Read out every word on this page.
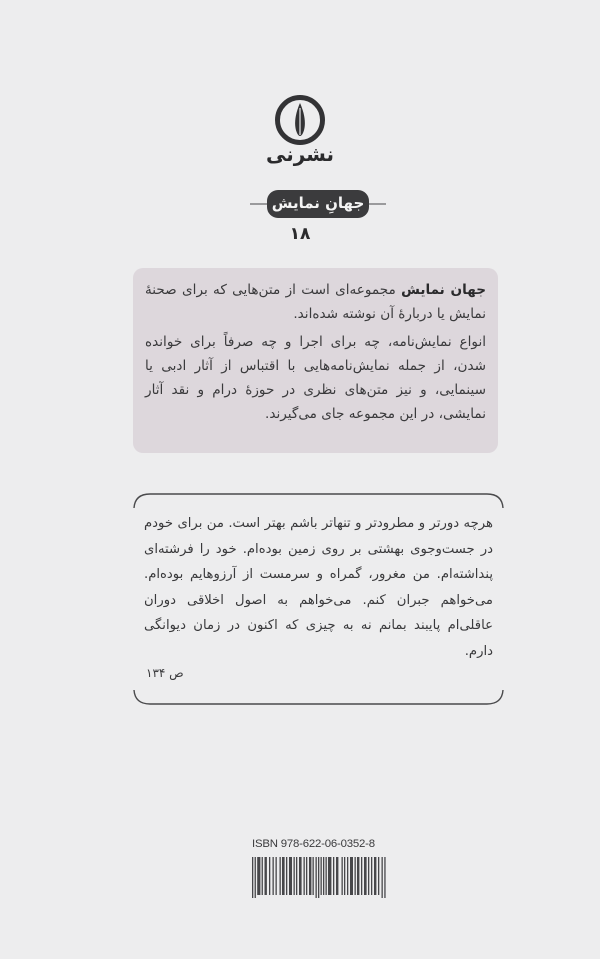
نشرنی
جهانِ نمایش
۱۸

جهان نمایش مجموعه‌ای است از متن‌هایی که برای صحنهٔ نمایش یا دربارهٔ آن نوشته شده‌اند.

انواع نمایش‌نامه، چه برای اجرا و چه صرفاً برای خوانده شدن، از جمله نمایش‌نامه‌هایی با اقتباس از آثار ادبی یا سینمایی، و نیز متن‌های نظری در حوزهٔ درام و نقد آثار نمایشی، در این مجموعه جای می‌گیرند.

هرچه دورتر و مطرودتر و تنهاتر باشم بهتر است. من برای خودم در جست‌وجوی بهشتی بر روی زمین بوده‌ام. خود را فرشته‌ای پنداشته‌ام. من مغرور، گمراه و سرمست از آرزوهایم بوده‌ام. می‌خواهم جبران کنم. می‌خواهم به اصول اخلاقی دوران عاقلی‌ام پایبند بمانم نه به چیزی که اکنون در زمان دیوانگی دارم.

ص ۱۳۴
ISBN 978-622-06-0352-8
